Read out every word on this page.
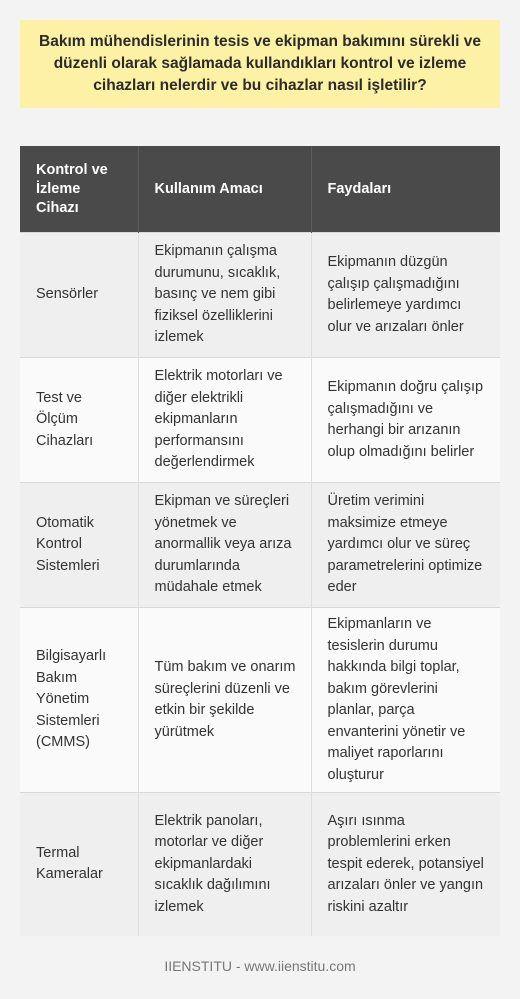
Bakım mühendislerinin tesis ve ekipman bakımını sürekli ve düzenli olarak sağlamada kullandıkları kontrol ve izleme cihazları nelerdir ve bu cihazlar nasıl işletilir?
Kontrol ve İzleme Cihazı	Kullanım Amacı	Faydaları
Sensörler	Ekipmanın çalışma durumunu, sıcaklık, basınç ve nem gibi fiziksel özelliklerini izlemek	Ekipmanın düzgün çalışıp çalışmadığını belirlemeye yardımcı olur ve arızaları önler
Test ve Ölçüm Cihazları	Elektrik motorları ve diğer elektrikli ekipmanların performansını değerlendirmek	Ekipmanın doğru çalışıp çalışmadığını ve herhangi bir arızanın olup olmadığını belirler
Otomatik Kontrol Sistemleri	Ekipman ve süreçleri yönetmek ve anormallik veya arıza durumlarında müdahale etmek	Üretim verimini maksimize etmeye yardımcı olur ve süreç parametrelerini optimize eder
Bilgisayarlı Bakım Yönetim Sistemleri (CMMS)	Tüm bakım ve onarım süreçlerini düzenli ve etkin bir şekilde yürütmek	Ekipmanların ve tesislerin durumu hakkında bilgi toplar, bakım görevlerini planlar, parça envanterini yönetir ve maliyet raporlarını oluşturur
Termal Kameralar	Elektrik panoları, motorlar ve diğer ekipmanlardaki sıcaklık dağılımını izlemek	Aşırı ısınma problemlerini erken tespit ederek, potansiyel arızaları önler ve yangın riskini azaltır
IIENSTITU - www.iienstitu.com
